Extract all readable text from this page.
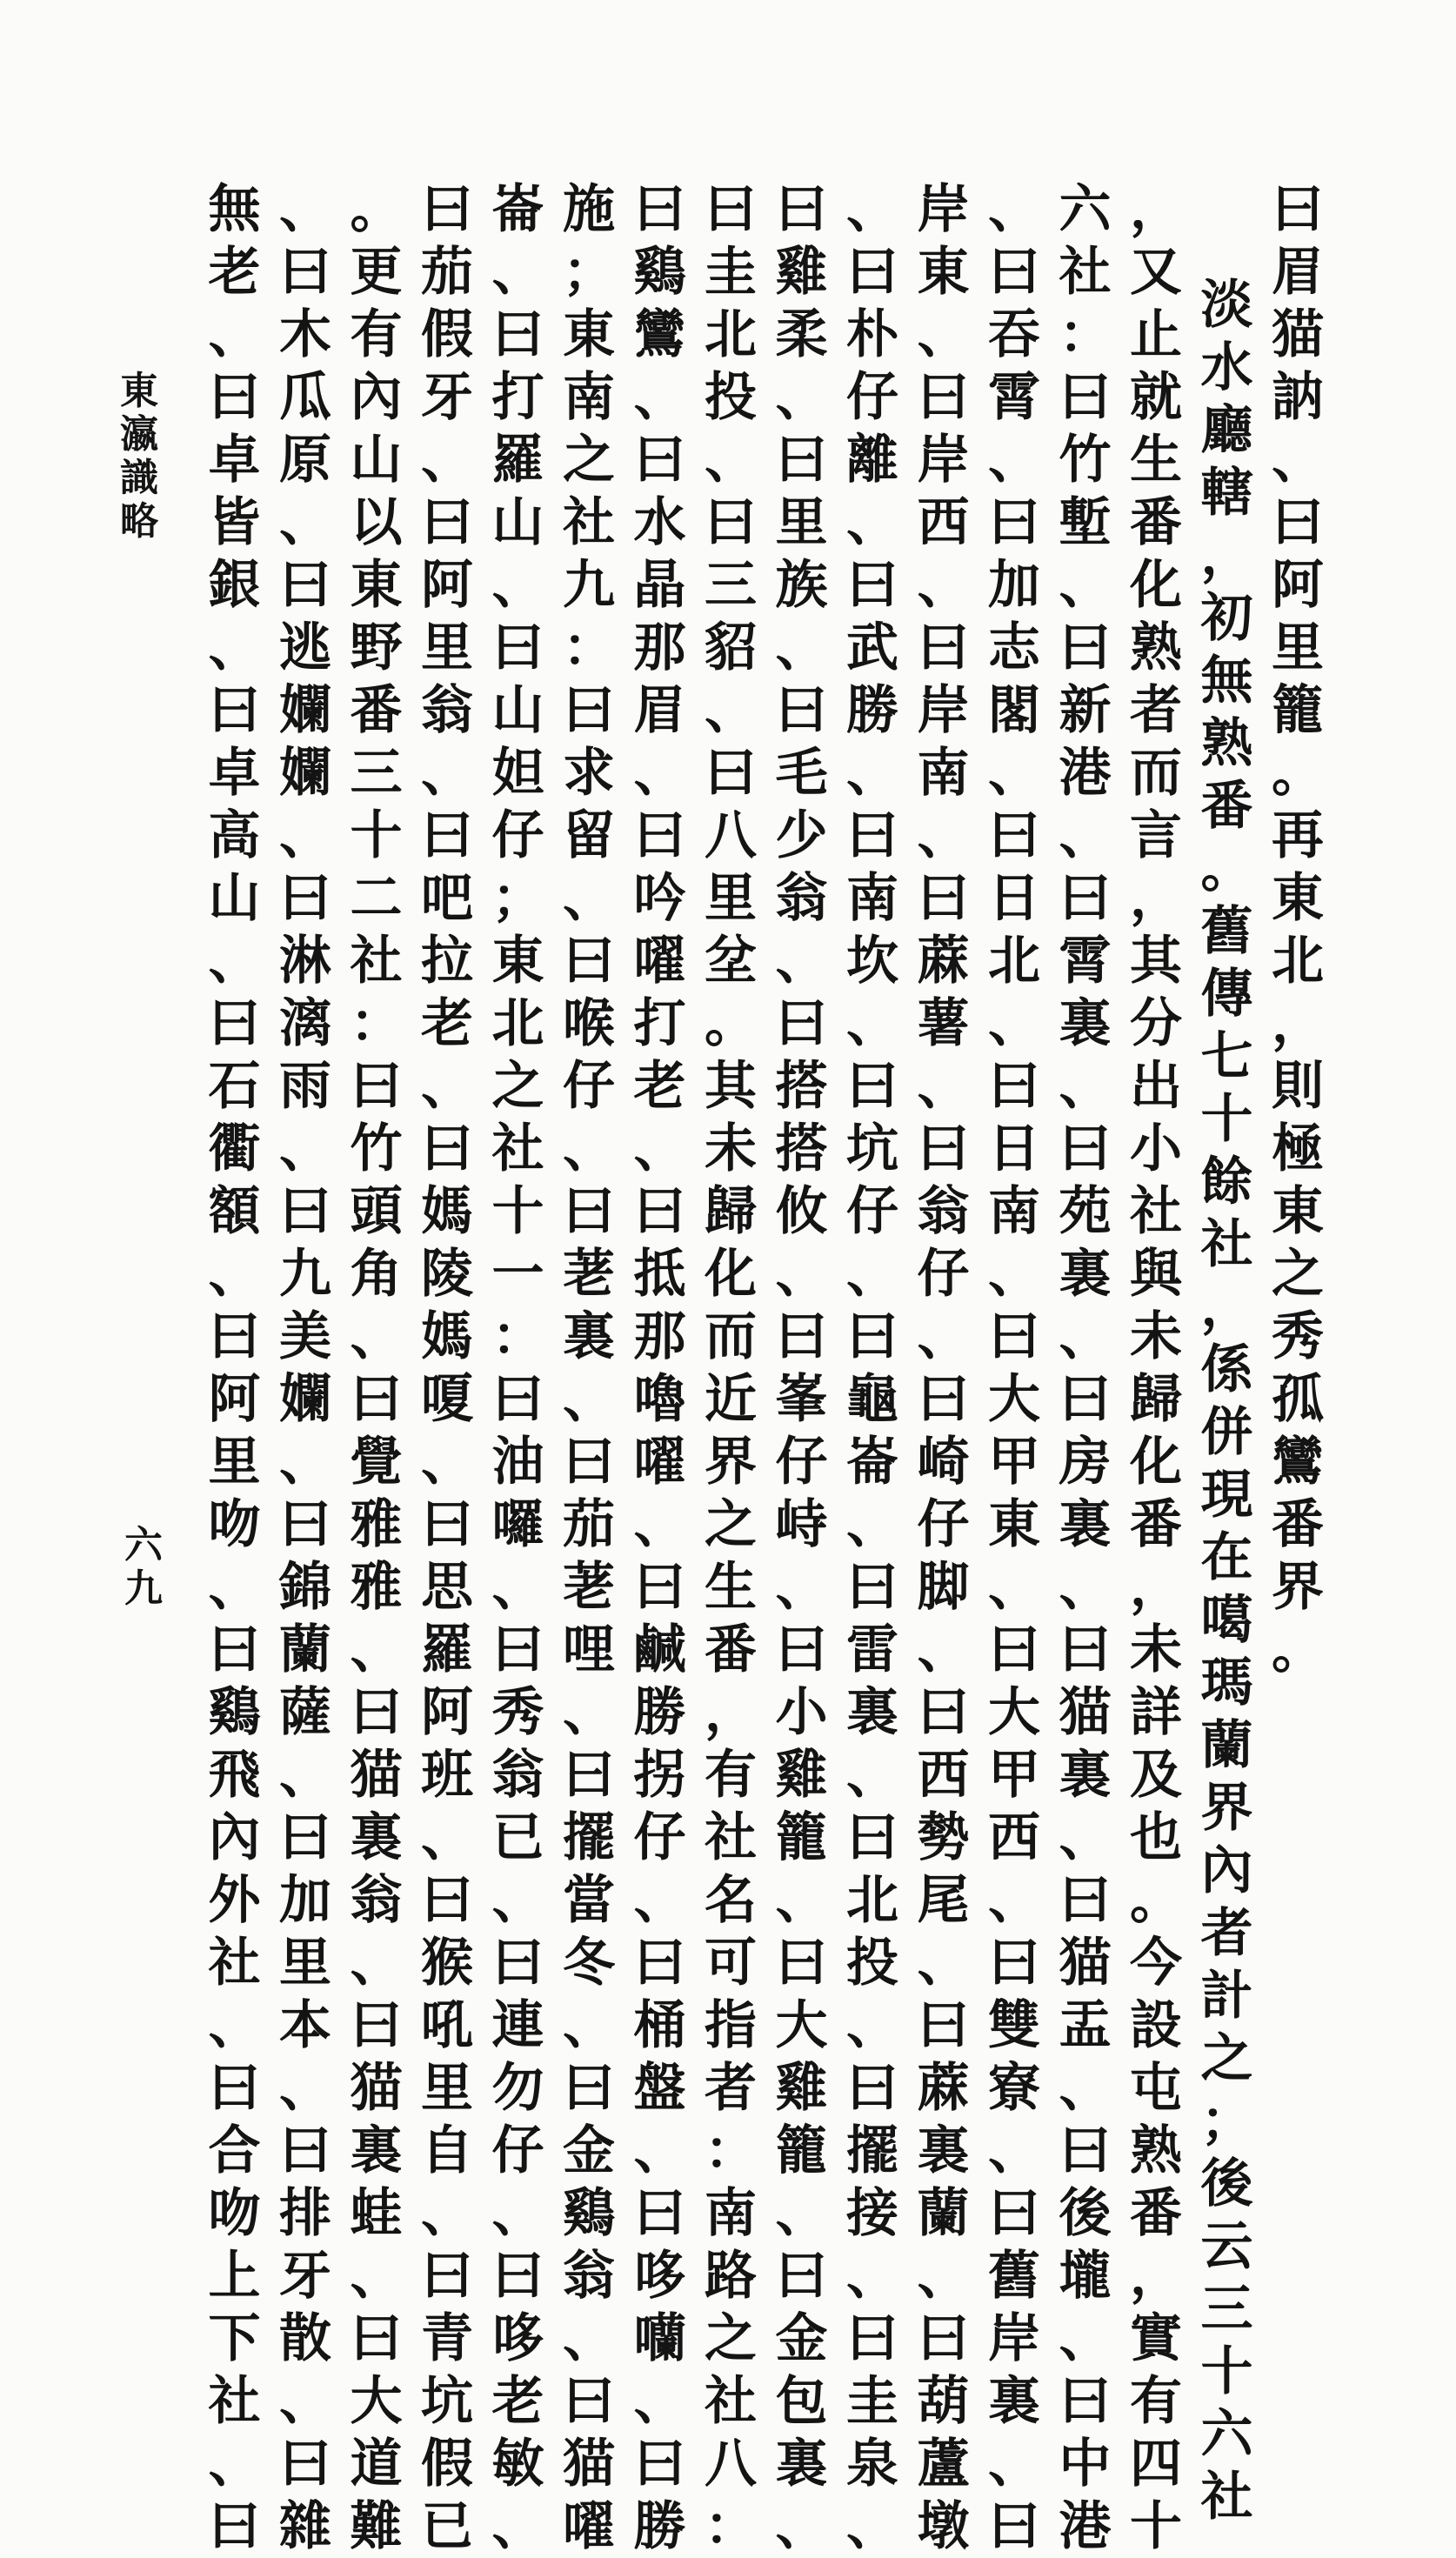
東
瀛
識
略
六
九
曰
眉
猫
訥
、
曰
阿
里
籠
。
再
東
北
，
則
極
東
之
秀
孤
鸞
番
界
。
淡
水
廳
轄
，
初
無
熟
番
。
舊
傳
七
十
餘
社
，
係
併
現
在
噶
瑪
蘭
界
內
者
計
之
；
後
云
三
十
六
社
，
又
止
就
生
番
化
熟
者
而
言
，
其
分
出
小
社
與
未
歸
化
番
，
未
詳
及
也
。
今
設
屯
熟
番
，
實
有
四
十
六
社
：
曰
竹
塹
、
曰
新
港
、
曰
霄
裏
、
曰
苑
裏
、
曰
房
裏
、
曰
猫
裏
、
曰
猫
盂
、
曰
後
壠
、
曰
中
港
、
曰
吞
霄
、
曰
加
志
閣
、
曰
日
北
、
曰
日
南
、
曰
大
甲
東
、
曰
大
甲
西
、
曰
雙
寮
、
曰
舊
岸
裏
、
曰
岸
東
、
曰
岸
西
、
曰
岸
南
、
曰
蔴
薯
、
曰
翁
仔
、
曰
崎
仔
脚
、
曰
西
勢
尾
、
曰
蔴
裏
蘭
、
曰
葫
蘆
墩
、
曰
朴
仔
離
、
曰
武
勝
、
曰
南
坎
、
曰
坑
仔
、
曰
龜
崙
、
曰
雷
裏
、
曰
北
投
、
曰
擺
接
、
曰
圭
泉
、
曰
雞
柔
、
曰
里
族
、
曰
毛
少
翁
、
曰
搭
搭
攸
、
曰
峯
仔
峙
、
曰
小
雞
籠
、
曰
大
雞
籠
、
曰
金
包
裏
、
曰
圭
北
投
、
曰
三
貂
、
曰
八
里
坌
。
其
未
歸
化
而
近
界
之
生
番
，
有
社
名
可
指
者
：
南
路
之
社
八
：
曰
鷄
鸞
、
曰
水
晶
那
眉
、
曰
吟
嚁
打
老
、
曰
抵
那
嚕
嚁
、
曰
鹹
勝
拐
仔
、
曰
桶
盤
、
曰
哆
囒
、
曰
勝
施
；
東
南
之
社
九
：
曰
求
留
、
曰
喉
仔
、
曰
荖
裏
、
曰
茄
荖
哩
、
曰
擺
當
冬
、
曰
金
鷄
翁
、
曰
猫
嚁
崙
、
曰
打
羅
山
、
曰
山
妲
仔
；
東
北
之
社
十
一
：
曰
油
囉
、
曰
秀
翁
已
、
曰
連
勿
仔
、
曰
哆
老
敏
、
曰
茄
假
牙
、
曰
阿
里
翁
、
曰
吧
拉
老
、
曰
媽
陵
媽
嗄
、
曰
思
羅
阿
班
、
曰
猴
吼
里
自
、
曰
青
坑
假
已
。
更
有
內
山
以
東
野
番
三
十
二
社
：
曰
竹
頭
角
、
曰
覺
雅
雅
、
曰
猫
裏
翁
、
曰
猫
裏
蛙
、
曰
大
道
難
、
曰
木
瓜
原
、
曰
逃
孄
孄
、
曰
淋
漓
雨
、
曰
九
美
孄
、
曰
錦
蘭
薩
、
曰
加
里
本
、
曰
排
牙
散
、
曰
雜
無
老
、
曰
卓
皆
銀
、
曰
卓
高
山
、
曰
石
衢
額
、
曰
阿
里
吻
、
曰
鷄
飛
內
外
社
、
曰
合
吻
上
下
社
、
曰
